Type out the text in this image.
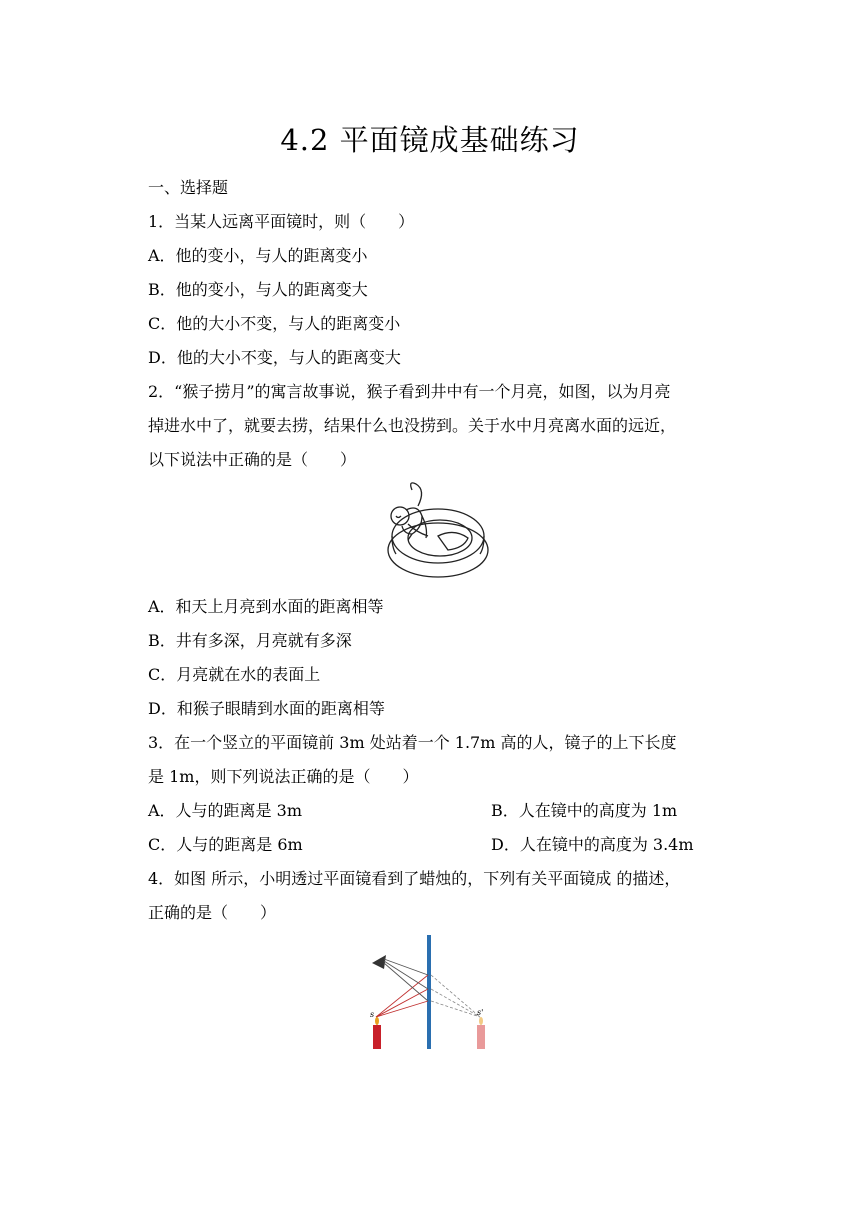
4.2 平面镜成基础练习
一、选择题
1．当某人远离平面镜时，则（　　）
A．他的变小，与人的距离变小
B．他的变小，与人的距离变大
C．他的大小不变，与人的距离变小
D．他的大小不变，与人的距离变大
2．“猴子捞月”的寓言故事说，猴子看到井中有一个月亮，如图，以为月亮
掉进水中了，就要去捞，结果什么也没捞到。关于水中月亮离水面的远近，
以下说法中正确的是（　　）
A．和天上月亮到水面的距离相等
B．井有多深，月亮就有多深
C．月亮就在水的表面上
D．和猴子眼睛到水面的距离相等
3．在一个竖立的平面镜前 3m 处站着一个 1.7m 高的人，镜子的上下长度
是 1m，则下列说法正确的是（　　）
A．人与的距离是 3m	B．人在镜中的高度为 1m
C．人与的距离是 6m	D．人在镜中的高度为 3.4m
4．如图 所示，小明透过平面镜看到了蜡烛的，下列有关平面镜成 的描述，
正确的是（　　）
s	s'
